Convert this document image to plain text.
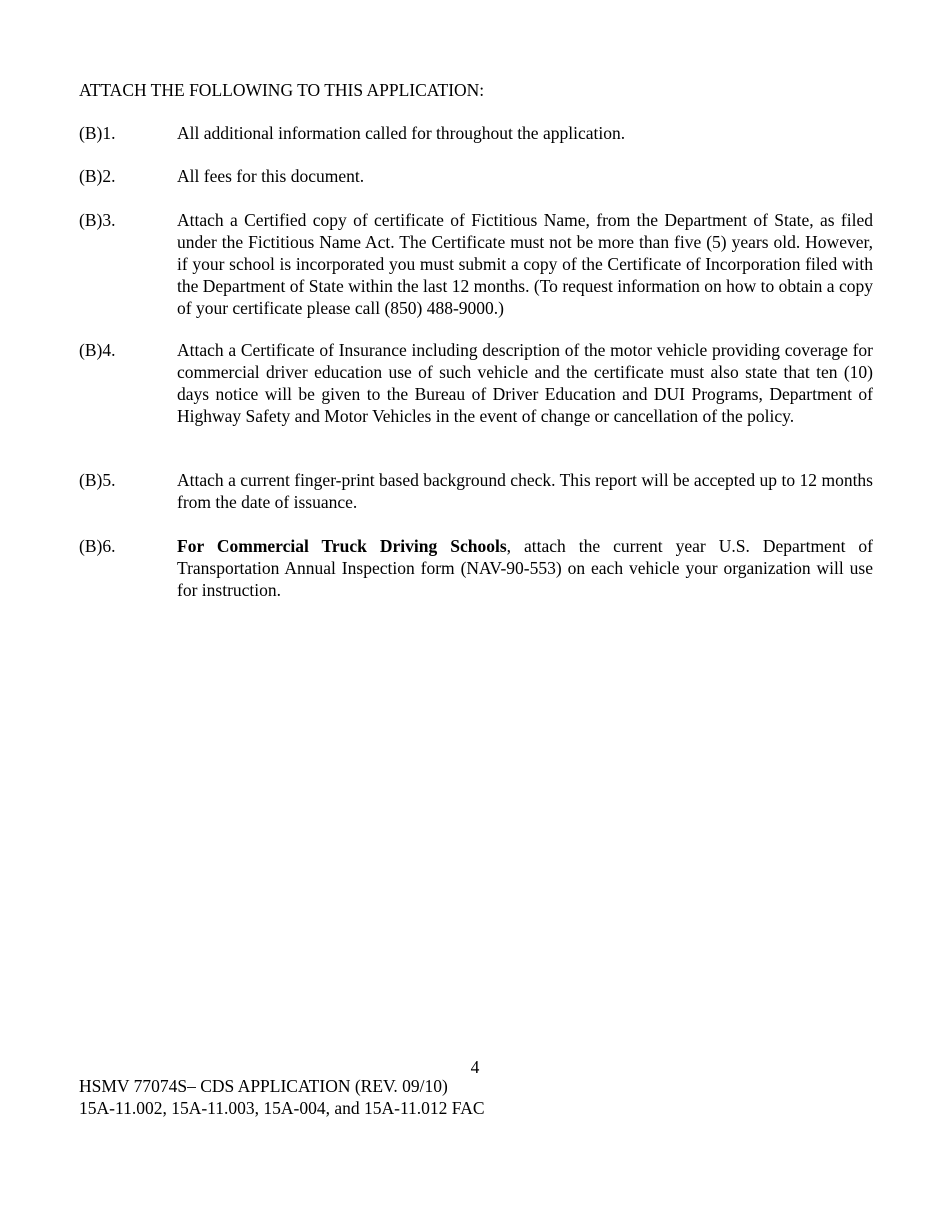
ATTACH THE FOLLOWING TO THIS APPLICATION:
(B)1.	All additional information called for throughout the application.
(B)2.	All fees for this document.
(B)3.	Attach a Certified copy of certificate of Fictitious Name, from the Department of State, as filed under the Fictitious Name Act. The Certificate must not be more than five (5) years old. However, if your school is incorporated you must submit a copy of the Certificate of Incorporation filed with the Department of State within the last 12 months. (To request information on how to obtain a copy of your certificate please call (850) 488-9000.)
(B)4.	Attach a Certificate of Insurance including description of the motor vehicle providing coverage for commercial driver education use of such vehicle and the certificate must also state that ten (10) days notice will be given to the Bureau of Driver Education and DUI Programs, Department of Highway Safety and Motor Vehicles in the event of change or cancellation of the policy.
(B)5.	Attach a current finger-print based background check. This report will be accepted up to 12 months from the date of issuance.
(B)6.	For Commercial Truck Driving Schools, attach the current year U.S. Department of Transportation Annual Inspection form (NAV-90-553) on each vehicle your organization will use for instruction.
4
HSMV 77074S– CDS APPLICATION (REV. 09/10)
15A-11.002, 15A-11.003, 15A-004, and 15A-11.012 FAC
